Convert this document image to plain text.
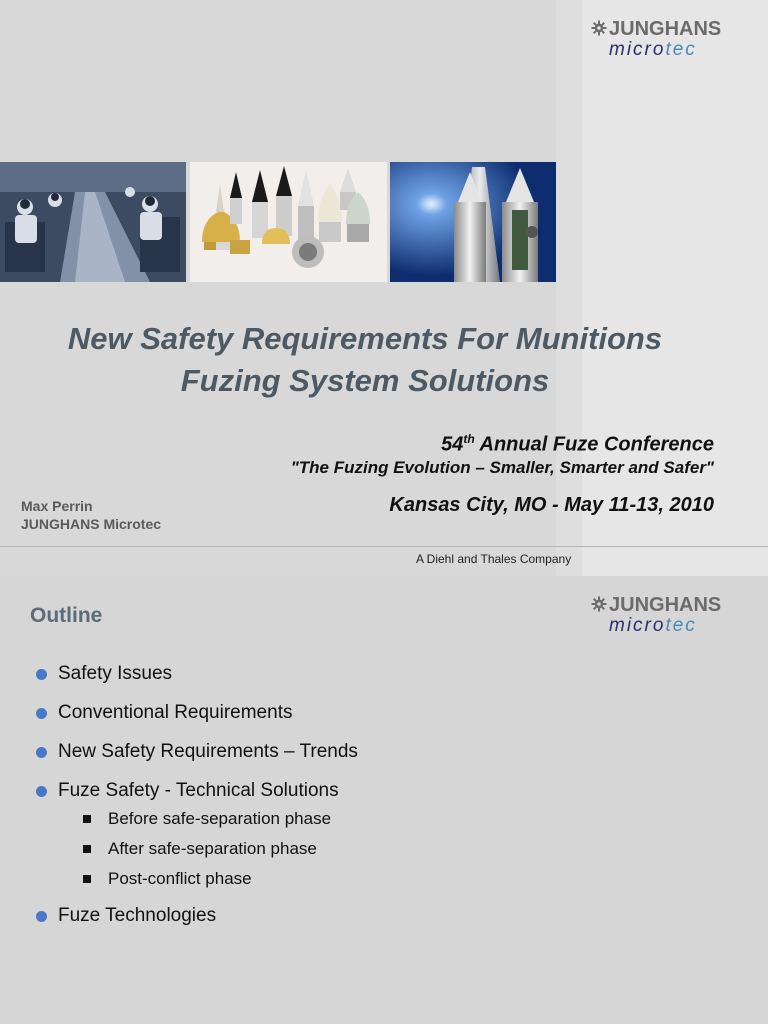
JUNGHANS
microtec
New Safety Requirements For Munitions
Fuzing System Solutions
54th Annual Fuze Conference
"The Fuzing Evolution – Smaller, Smarter and Safer"
Kansas City, MO - May 11-13, 2010
Max Perrin
JUNGHANS Microtec
A Diehl and Thales Company
JUNGHANS
microtec
Outline
Safety Issues
Conventional Requirements
New Safety Requirements – Trends
Fuze Safety - Technical Solutions
Before safe-separation phase
After safe-separation phase
Post-conflict phase
Fuze Technologies
